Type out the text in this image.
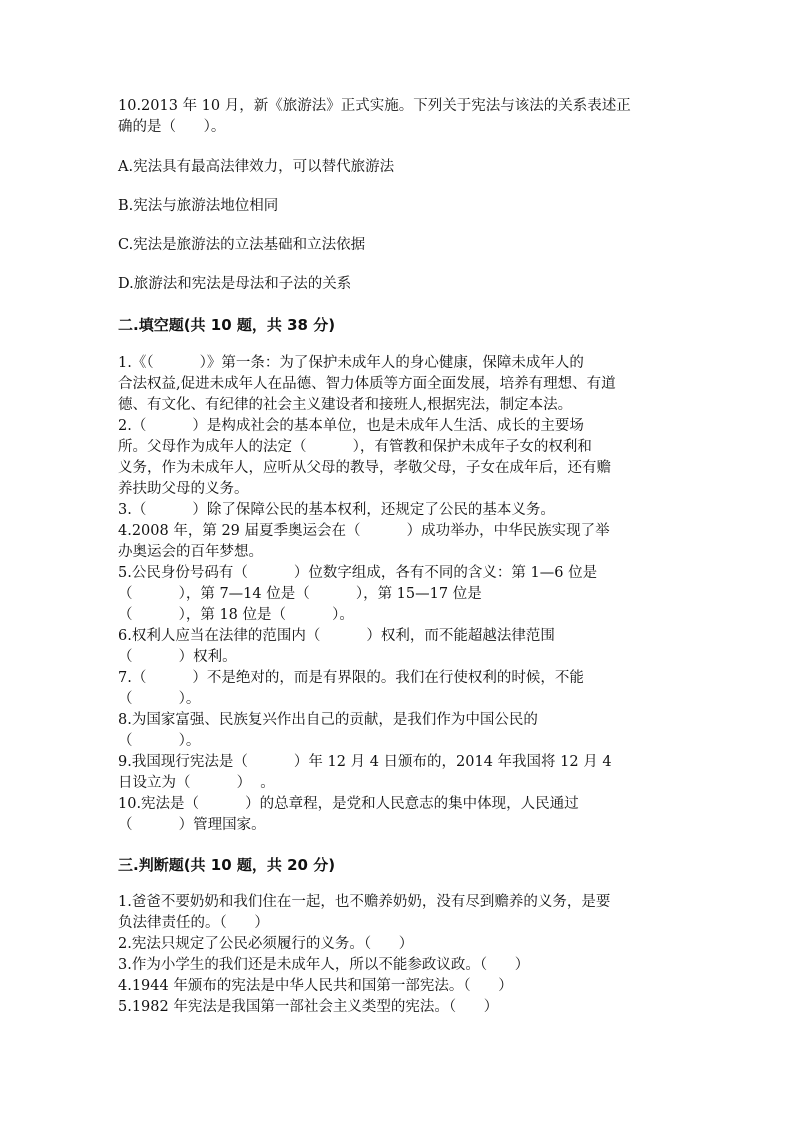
10.2013 年 10 月，新《旅游法》正式实施。下列关于宪法与该法的关系表述正

确的是（      ）。

A.宪法具有最高法律效力，可以替代旅游法

B.宪法与旅游法地位相同

C.宪法是旅游法的立法基础和立法依据

D.旅游法和宪法是母法和子法的关系

二.填空题(共 10 题，共 38 分)

1.《（          ）》第一条：为了保护未成年人的身心健康，保障未成年人的

合法权益,促进未成年人在品德、智力体质等方面全面发展，培养有理想、有道

德、有文化、有纪律的社会主义建设者和接班人,根据宪法，制定本法。

2.（          ）是构成社会的基本单位，也是未成年人生活、成长的主要场

所。父母作为成年人的法定（          ），有管教和保护未成年子女的权利和

义务，作为未成年人，应听从父母的教导，孝敬父母，子女在成年后，还有赡

养扶助父母的义务。

3.（          ）除了保障公民的基本权利，还规定了公民的基本义务。

4.2008 年，第 29 届夏季奥运会在（          ）成功举办，中华民族实现了举

办奥运会的百年梦想。

5.公民身份号码有（          ）位数字组成，各有不同的含义：第 1—6 位是

（          ），第 7—14 位是（          ），第 15—17 位是

（          ），第 18 位是（          ）。

6.权利人应当在法律的范围内（          ）权利，而不能超越法律范围

（          ）权利。

7.（          ）不是绝对的，而是有界限的。我们在行使权利的时候，不能

（          ）。

8.为国家富强、民族复兴作出自己的贡献，是我们作为中国公民的

（          ）。

9.我国现行宪法是（          ）年 12 月 4 日颁布的，2014 年我国将 12 月 4

日设立为（          ）  。

10.宪法是（          ）的总章程，是党和人民意志的集中体现，人民通过

（          ）管理国家。

三.判断题(共 10 题，共 20 分)

1.爸爸不要奶奶和我们住在一起，也不赡养奶奶，没有尽到赡养的义务，是要

负法律责任的。（      ）

2.宪法只规定了公民必须履行的义务。（      ）

3.作为小学生的我们还是未成年人，所以不能参政议政。（      ）

4.1944 年颁布的宪法是中华人民共和国第一部宪法。（      ）

5.1982 年宪法是我国第一部社会主义类型的宪法。（      ）
